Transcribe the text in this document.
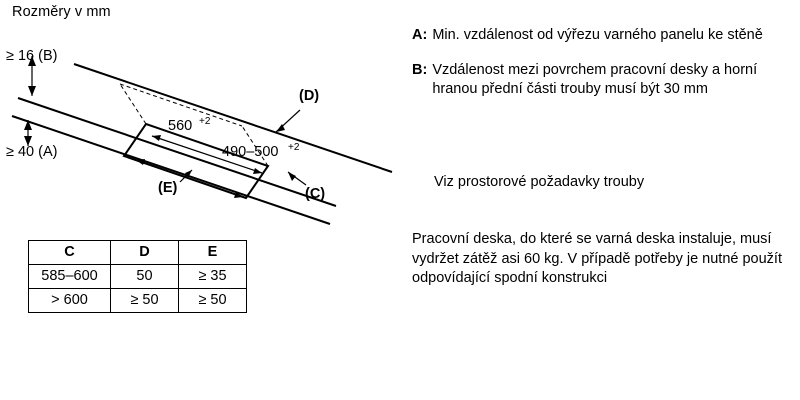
Rozměry v mm
≥ 16 (B)
≥ 40 (A)
560 +2
490–500 +2
(D)
(C)
(E)
C	D	E
585–600	50	≥ 35
> 600	≥ 50	≥ 50
A: Min. vzdálenost od výřezu varného panelu ke stěně
B: Vzdálenost mezi povrchem pracovní desky a horní hranou přední části trouby musí být 30 mm
Viz prostorové požadavky trouby
Pracovní deska, do které se varná deska instaluje, musí vydržet zátěž asi 60 kg. V případě potřeby je nutné použít odpovídající spodní konstrukci
